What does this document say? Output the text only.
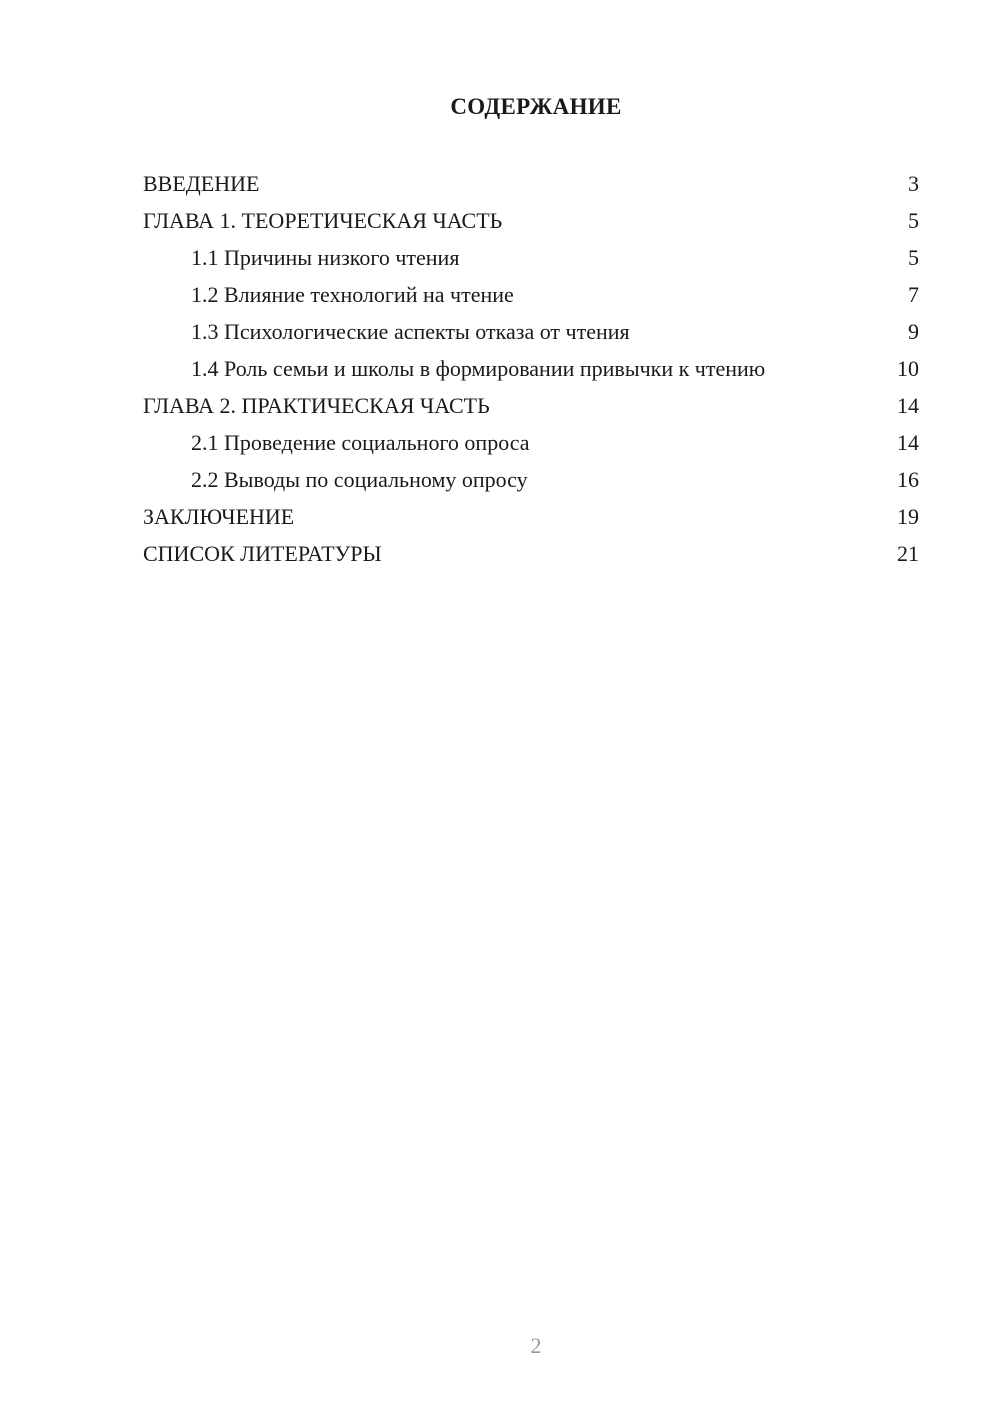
СОДЕРЖАНИЕ
ВВЕДЕНИЕ	3
ГЛАВА 1. ТЕОРЕТИЧЕСКАЯ ЧАСТЬ	5
1.1 Причины низкого чтения	5
1.2 Влияние технологий на чтение	7
1.3 Психологические аспекты отказа от чтения	9
1.4 Роль семьи и школы в формировании привычки к чтению	10
ГЛАВА 2. ПРАКТИЧЕСКАЯ ЧАСТЬ	14
2.1 Проведение социального опроса	14
2.2 Выводы по социальному опросу	16
ЗАКЛЮЧЕНИЕ	19
СПИСОК ЛИТЕРАТУРЫ	21
2
